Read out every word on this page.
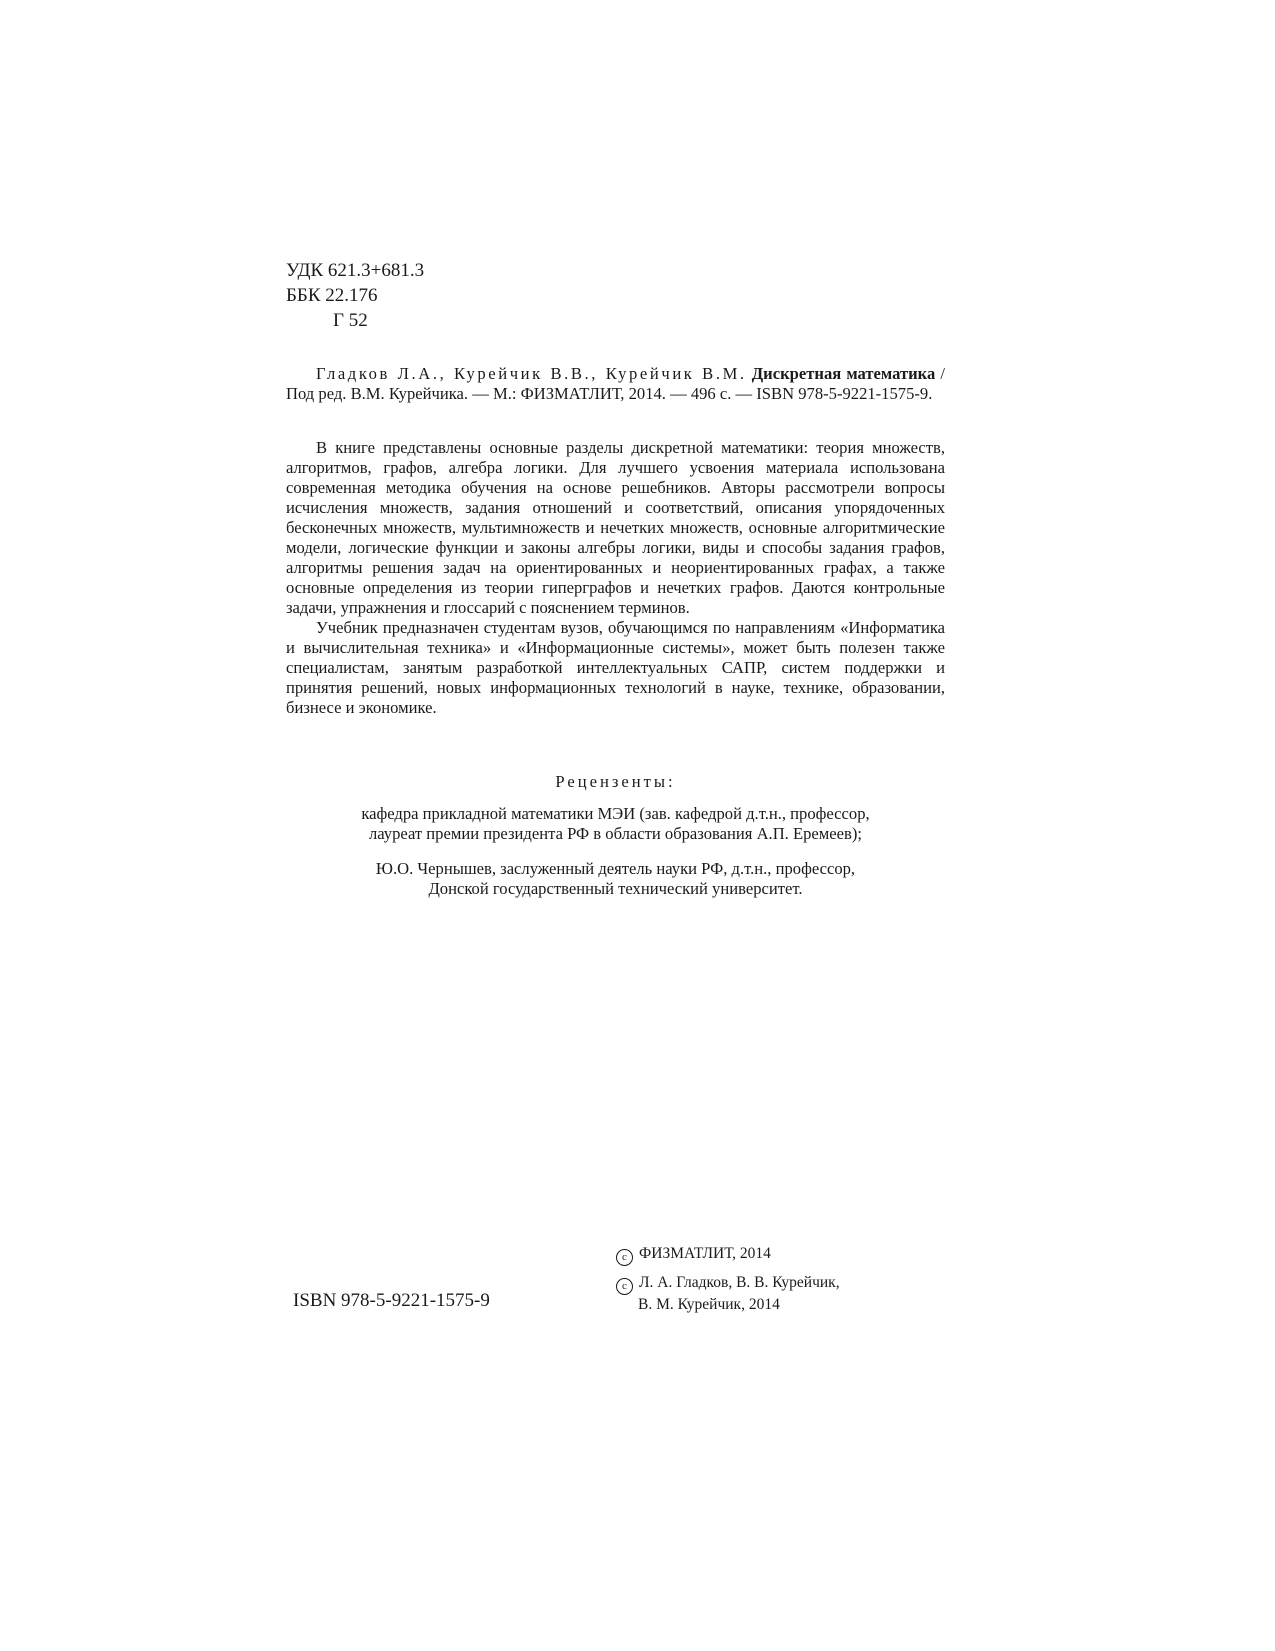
УДК 621.3+681.3
ББК 22.176
Г 52

Гладков Л.А., Курейчик В.В., Курейчик В.М. Дискретная математика / Под ред. В.М. Курейчика. — М.: ФИЗМАТЛИТ, 2014. — 496 с. — ISBN 978-5-9221-1575-9.

В книге представлены основные разделы дискретной математики: теория множеств, алгоритмов, графов, алгебра логики. Для лучшего усвоения материала использована современная методика обучения на основе решебников. Авторы рассмотрели вопросы исчисления множеств, задания отношений и соответствий, описания упорядоченных бесконечных множеств, мультимножеств и нечетких множеств, основные алгоритмические модели, логические функции и законы алгебры логики, виды и способы задания графов, алгоритмы решения задач на ориентированных и неориентированных графах, а также основные определения из теории гиперграфов и нечетких графов. Даются контрольные задачи, упражнения и глоссарий с пояснением терминов.

Учебник предназначен студентам вузов, обучающимся по направлениям «Информатика и вычислительная техника» и «Информационные системы», может быть полезен также специалистам, занятым разработкой интеллектуальных САПР, систем поддержки и принятия решений, новых информационных технологий в науке, технике, образовании, бизнесе и экономике.

Рецензенты:
кафедра прикладной математики МЭИ (зав. кафедрой д.т.н., профессор,
лауреат премии президента РФ в области образования А.П. Еремеев);
Ю.О. Чернышев, заслуженный деятель науки РФ, д.т.н., профессор,
Донской государственный технический университет.
ISBN 978-5-9221-1575-9
c ФИЗМАТЛИТ, 2014
c Л. А. Гладков, В. В. Курейчик,
В. М. Курейчик, 2014
